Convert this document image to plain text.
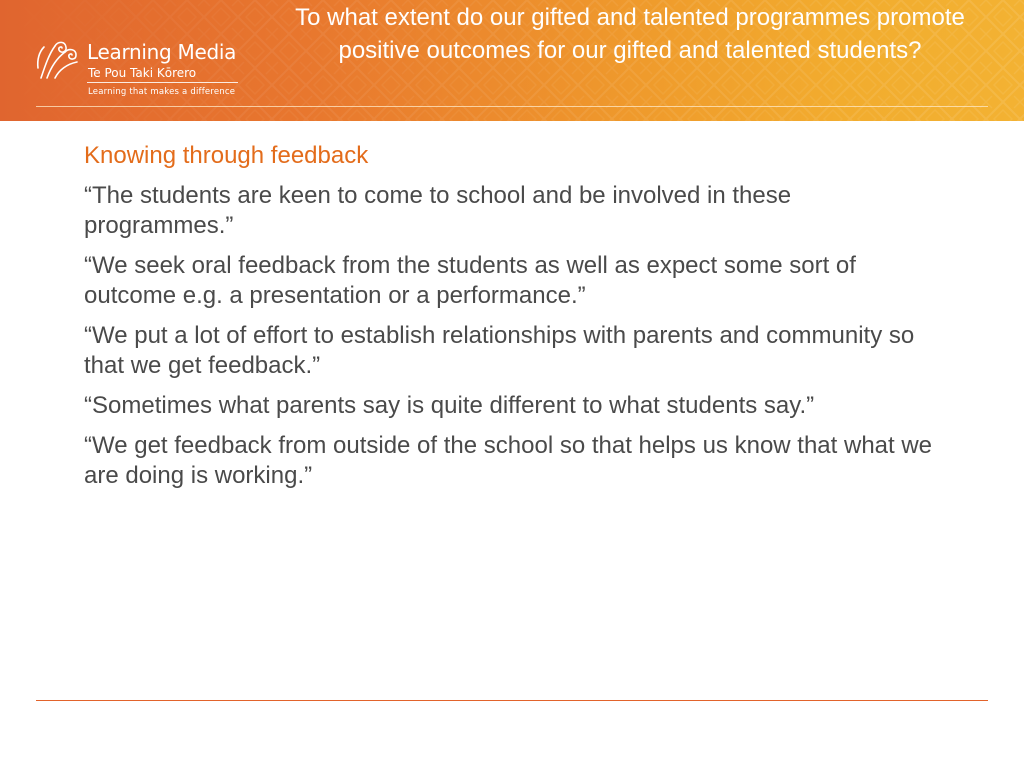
Learning Media
Te Pou Taki Kōrero
Learning that makes a difference
To what extent do our gifted and talented programmes promote positive outcomes for our gifted and talented students?
Knowing through feedback
“The students are keen to come to school and be involved in these programmes.”
“We seek oral feedback from the students as well as expect some sort of outcome e.g. a presentation or a performance.”
“We put a lot of effort to establish relationships with parents and community so that we get feedback.”
“Sometimes what parents say is quite different to what students say.”
“We get feedback from outside of the school so that helps us know that what we are doing is working.”
